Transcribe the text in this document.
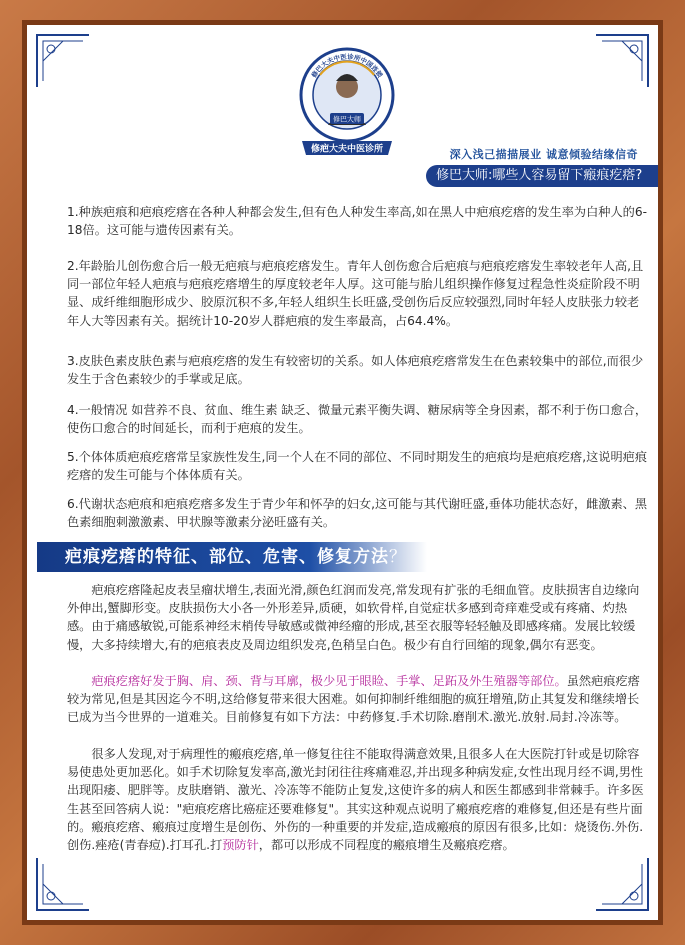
修巴大师
修疤大夫中医诊所
修巴大夫中医诊所中国连锁
深入浅己描描展业 诚意倾验结缘信奇
修巴大师:哪些人容易留下瘢痕疙瘩?

1.种族疤痕和疤痕疙瘩在各种人种都会发生,但有色人种发生率高,如在黑人中疤痕疙瘩的发生率为白种人的6-18倍。这可能与遗传因素有关。

2.年龄胎儿创伤愈合后一般无疤痕与疤痕疙瘩发生。青年人创伤愈合后疤痕与疤痕疙瘩发生率较老年人高,且同一部位年轻人疤痕与疤痕疙瘩增生的厚度较老年人厚。这可能与胎儿组织操作修复过程急性炎症阶段不明显、成纤维细胞形成少、胶原沉积不多,年轻人组织生长旺盛,受创伤后反应较强烈,同时年轻人皮肤张力较老年人大等因素有关。据统计10-20岁人群疤痕的发生率最高，占64.4%。

3.皮肤色素皮肤色素与疤痕疙瘩的发生有较密切的关系。如人体疤痕疙瘩常发生在色素较集中的部位,而很少发生于含色素较少的手掌或足底。

4.一般情况 如营养不良、贫血、维生素 缺乏、微量元素平衡失调、糖尿病等全身因素，都不利于伤口愈合，使伤口愈合的时间延长，而利于疤痕的发生。

5.个体体质疤痕疙瘩常呈家族性发生,同一个人在不同的部位、不同时期发生的疤痕均是疤痕疙瘩,这说明疤痕疙瘩的发生可能与个体体质有关。

6.代谢状态疤痕和疤痕疙瘩多发生于青少年和怀孕的妇女,这可能与其代谢旺盛,垂体功能状态好，雌激素、黑色素细胞刺激激素、甲状腺等激素分泌旺盛有关。

疤痕疙瘩的特征、部位、危害、修复方法？

疤痕疙瘩隆起皮表呈瘤状增生,表面光滑,颜色红润而发亮,常发现有扩张的毛细血管。皮肤损害自边缘向外伸出,蟹脚形变。皮肤损伤大小各一外形差异,质硬，如软骨样,自觉症状多感到奇痒难受或有疼痛、灼热感。由于痛感敏锐,可能系神经末梢传导敏感或微神经瘤的形成,甚至衣服等轻轻触及即感疼痛。发展比较缓慢，大多持续增大,有的疤痕表皮及周边组织发亮,色稍呈白色。极少有自行回缩的现象,偶尔有恶变。

疤痕疙瘩好发于胸、肩、颈、背与耳廓，极少见于眼睑、手掌、足跖及外生殖器等部位。虽然疤痕疙瘩较为常见,但是其因迄今不明,这给修复带来很大困难。如何抑制纤维细胞的疯狂增殖,防止其复发和继续增长已成为当今世界的一道难关。目前修复有如下方法：中药修复.手术切除.磨削术.激光.放射.局封.冷冻等。

很多人发现,对于病理性的瘢痕疙瘩,单一修复往往不能取得满意效果,且很多人在大医院打针或是切除容易使患处更加恶化。如手术切除复发率高,激光封闭往往疼痛难忍,并出现多种病发症,女性出现月经不调,男性出现阳痿、肥胖等。皮肤磨销、激光、冷冻等不能防止复发,这使许多的病人和医生都感到非常棘手。许多医生甚至回答病人说："疤痕疙瘩比癌症还要难修复"。其实这种观点说明了瘢痕疙瘩的难修复,但还是有些片面的。瘢痕疙瘩、瘢痕过度增生是创伤、外伤的一种重要的并发症,造成瘢痕的原因有很多,比如：烧烫伤.外伤.创伤.痤疮(青春痘).打耳孔.打预防针，都可以形成不同程度的瘢痕增生及瘢痕疙瘩。
